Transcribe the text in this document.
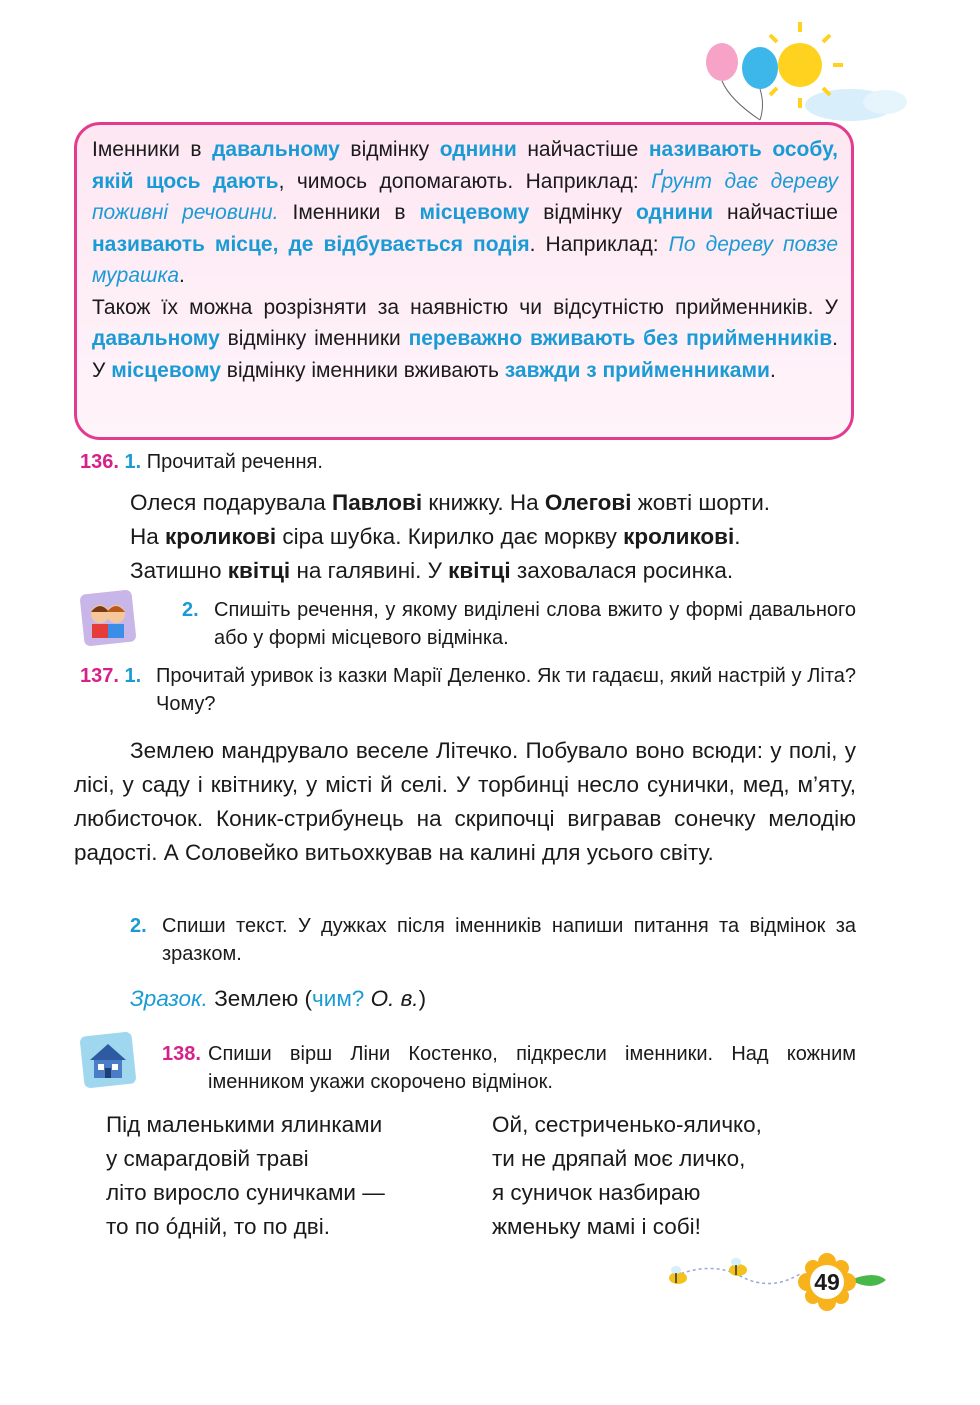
Іменники в давальному відмінку однини найчастіше називають особу, якій щось дають, чимось допомагають. Наприклад: Ґрунт дає дереву поживні речовини. Іменники в місцевому відмінку однини найчастіше називають місце, де відбувається подія. Наприклад: По дереву повзе мурашка.
Також їх можна розрізняти за наявністю чи відсутністю прийменників. У давальному відмінку іменники переважно вживають без прийменників. У місцевому відмінку іменники вживають завжди з прийменниками.
136. 1. Прочитай речення.
Олеся подарувала Павлові книжку. На Олегові жовті шорти.
На кроликові сіра шубка. Кирилко дає моркву кроликові.
Затишно квітці на галявині. У квітці заховалася росинка.
2. Спишіть речення, у якому виділені слова вжито у формі давального або у формі місцевого відмінка.
137. 1. Прочитай уривок із казки Марії Деленко. Як ти гадаєш, який настрій у Літа? Чому?
Землею мандрувало веселе Літечко. Побувало воно всюди: у полі, у лісі, у саду і квітнику, у місті й селі. У торбинці несло сунички, мед, м’яту, любисточок. Коник-стрибунець на скрипочці вигравав сонечку мелодію радості. А Соловейко витьохкував на калині для усього світу.
2. Спиши текст. У дужках після іменників напиши питання та відмінок за зразком.
Зразок. Землею (чим? О. в.)
138. Спиши вірш Ліни Костенко, підкресли іменники. Над кожним іменником укажи скорочено відмінок.
Під маленькими ялинками
у смарагдовій траві
літо виросло суничками —
то по óдній, то по дві.
Ой, сестриченько-яличко,
ти не дряпай моє личко,
я суничок назбираю
жменьку мамі і собі!
49
